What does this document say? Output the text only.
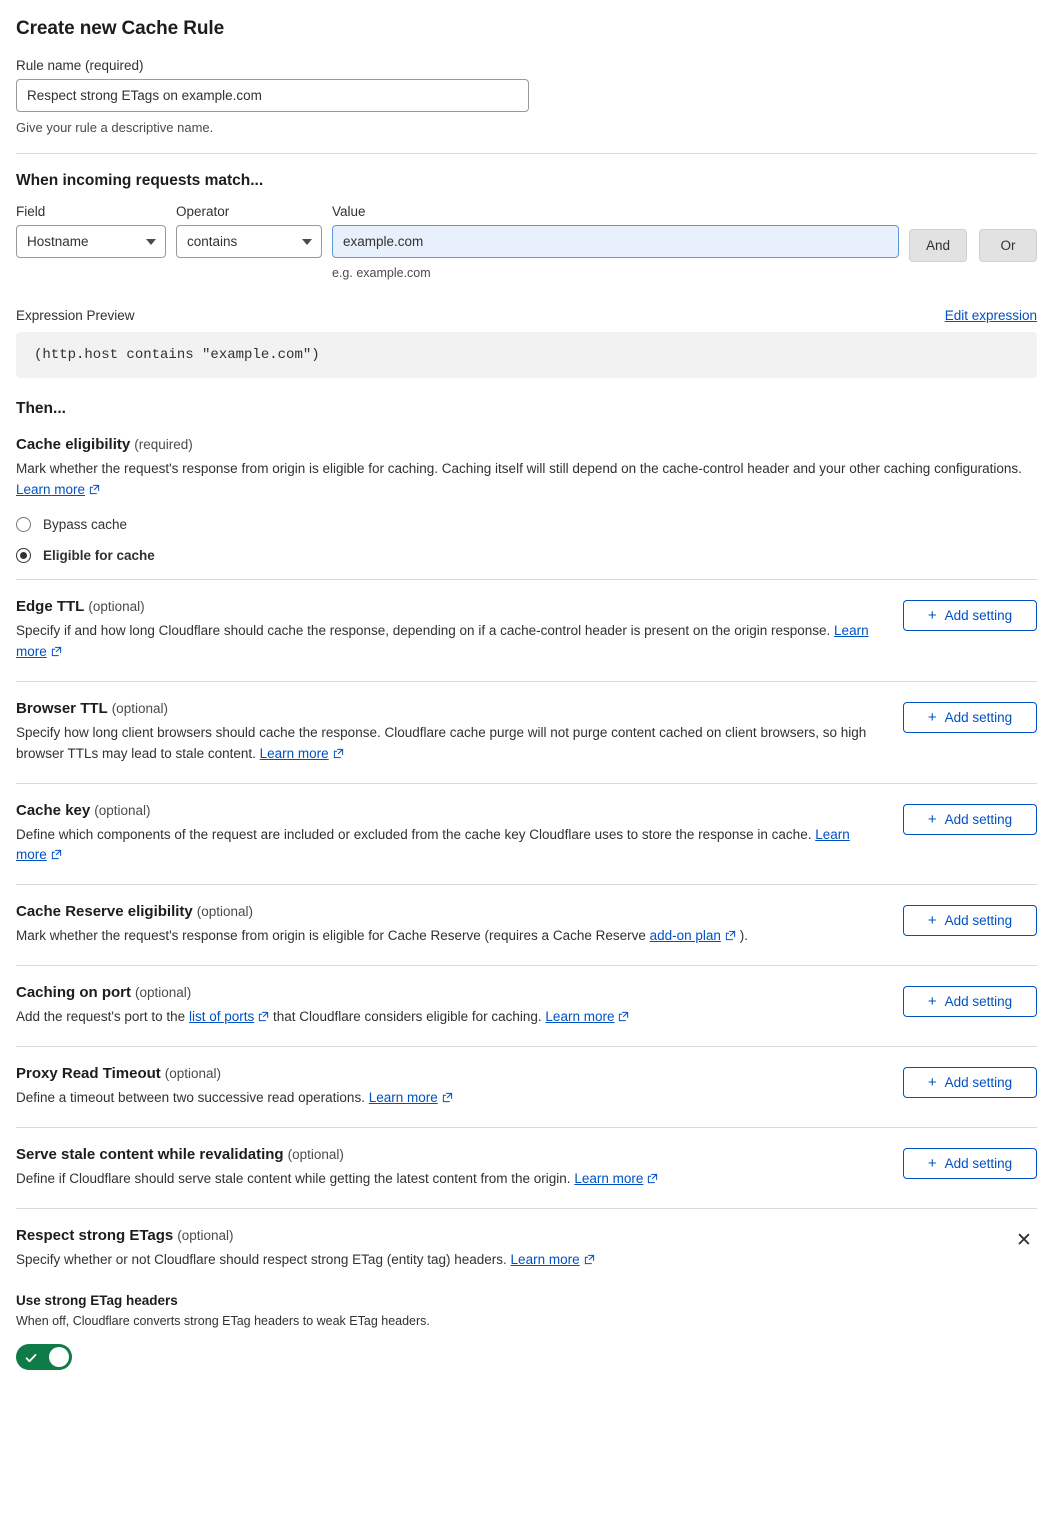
Create new Cache Rule
Rule name (required)
Respect strong ETags on example.com
Give your rule a descriptive name.
When incoming requests match...
Field
Hostname
Operator
contains
Value
example.com
e.g. example.com
And	Or
Expression Preview	Edit expression
(http.host contains "example.com")
Then...
Cache eligibility (required)
Mark whether the request's response from origin is eligible for caching. Caching itself will still depend on the cache-control header and your other caching configurations. Learn more
Bypass cache
Eligible for cache
Edge TTL (optional)
Specify if and how long Cloudflare should cache the response, depending on if a cache-control header is present on the origin response. Learn more
+ Add setting
Browser TTL (optional)
Specify how long client browsers should cache the response. Cloudflare cache purge will not purge content cached on client browsers, so high browser TTLs may lead to stale content. Learn more
+ Add setting
Cache key (optional)
Define which components of the request are included or excluded from the cache key Cloudflare uses to store the response in cache. Learn more
+ Add setting
Cache Reserve eligibility (optional)
Mark whether the request's response from origin is eligible for Cache Reserve (requires a Cache Reserve add-on plan ).
+ Add setting
Caching on port (optional)
Add the request's port to the list of ports that Cloudflare considers eligible for caching. Learn more
+ Add setting
Proxy Read Timeout (optional)
Define a timeout between two successive read operations. Learn more
+ Add setting
Serve stale content while revalidating (optional)
Define if Cloudflare should serve stale content while getting the latest content from the origin. Learn more
+ Add setting
Respect strong ETags (optional)
Specify whether or not Cloudflare should respect strong ETag (entity tag) headers. Learn more
Use strong ETag headers
When off, Cloudflare converts strong ETag headers to weak ETag headers.
✕
